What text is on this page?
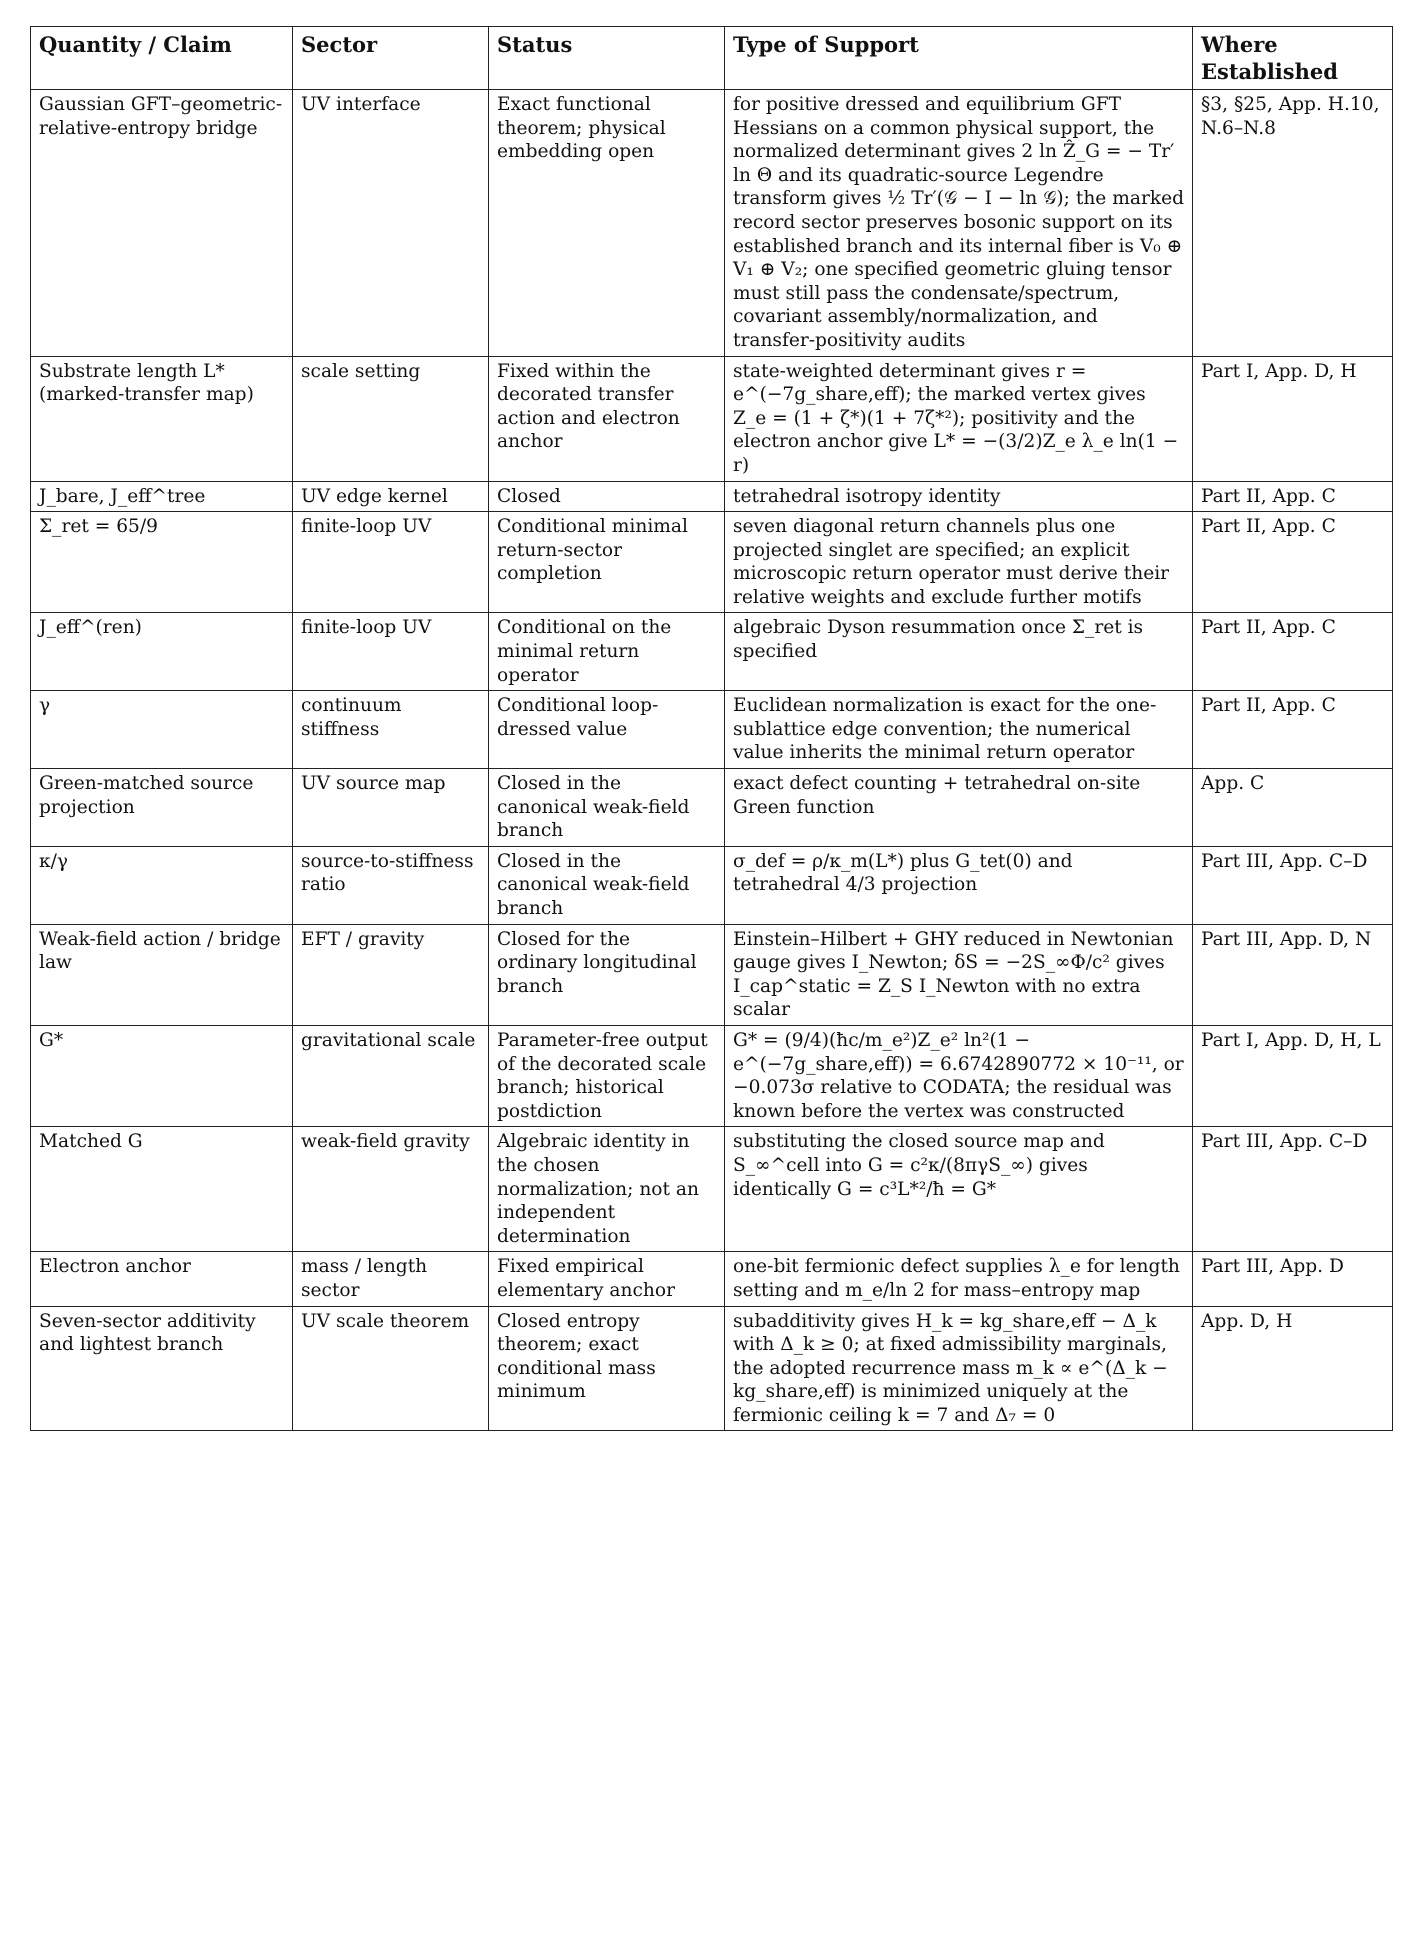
Quantity / Claim	Sector	Status	Type of Support	Where Established
Gaussian GFT–geometric-relative-entropy bridge	UV interface	Exact functional theorem; physical embedding open	for positive dressed and equilibrium GFT Hessians on a common physical support, the normalized determinant gives 2 ln Ẑ_G = − Tr′ ln Θ and its quadratic-source Legendre transform gives ½ Tr′(𝒢 − I − ln 𝒢); the marked record sector preserves bosonic support on its established branch and its internal fiber is V₀ ⊕ V₁ ⊕ V₂; one specified geometric gluing tensor must still pass the condensate/spectrum, covariant assembly/normalization, and transfer-positivity audits	§3, §25, App. H.10, N.6–N.8
Substrate length L* (marked-transfer map)	scale setting	Fixed within the decorated transfer action and electron anchor	state-weighted determinant gives r = e^(−7g_share,eff); the marked vertex gives Z_e = (1 + ζ*)(1 + 7ζ*²); positivity and the electron anchor give L* = −(3/2)Z_e λ_e ln(1 − r)	Part I, App. D, H
J_bare, J_eff^tree	UV edge kernel	Closed	tetrahedral isotropy identity	Part II, App. C
Σ_ret = 65/9	finite-loop UV	Conditional minimal return-sector completion	seven diagonal return channels plus one projected singlet are specified; an explicit microscopic return operator must derive their relative weights and exclude further motifs	Part II, App. C
J_eff^(ren)	finite-loop UV	Conditional on the minimal return operator	algebraic Dyson resummation once Σ_ret is specified	Part II, App. C
γ	continuum stiffness	Conditional loop-dressed value	Euclidean normalization is exact for the one-sublattice edge convention; the numerical value inherits the minimal return operator	Part II, App. C
Green-matched source projection	UV source map	Closed in the canonical weak-field branch	exact defect counting + tetrahedral on-site Green function	App. C
κ/γ	source-to-stiffness ratio	Closed in the canonical weak-field branch	σ_def = ρ/κ_m(L*) plus G_tet(0) and tetrahedral 4/3 projection	Part III, App. C–D
Weak-field action / bridge law	EFT / gravity	Closed for the ordinary longitudinal branch	Einstein–Hilbert + GHY reduced in Newtonian gauge gives I_Newton; δS = −2S_∞Φ/c² gives I_cap^static = Z_S I_Newton with no extra scalar	Part III, App. D, N
G*	gravitational scale	Parameter-free output of the decorated scale branch; historical postdiction	G* = (9/4)(ħc/m_e²)Z_e² ln²(1 − e^(−7g_share,eff)) = 6.6742890772 × 10⁻¹¹, or −0.073σ relative to CODATA; the residual was known before the vertex was constructed	Part I, App. D, H, L
Matched G	weak-field gravity	Algebraic identity in the chosen normalization; not an independent determination	substituting the closed source map and S_∞^cell into G = c²κ/(8πγS_∞) gives identically G = c³L*²/ħ = G*	Part III, App. C–D
Electron anchor	mass / length sector	Fixed empirical elementary anchor	one-bit fermionic defect supplies λ_e for length setting and m_e/ln 2 for mass–entropy map	Part III, App. D
Seven-sector additivity and lightest branch	UV scale theorem	Closed entropy theorem; exact conditional mass minimum	subadditivity gives H_k = kg_share,eff − Δ_k with Δ_k ≥ 0; at fixed admissibility marginals, the adopted recurrence mass m_k ∝ e^(Δ_k − kg_share,eff) is minimized uniquely at the fermionic ceiling k = 7 and Δ₇ = 0	App. D, H
